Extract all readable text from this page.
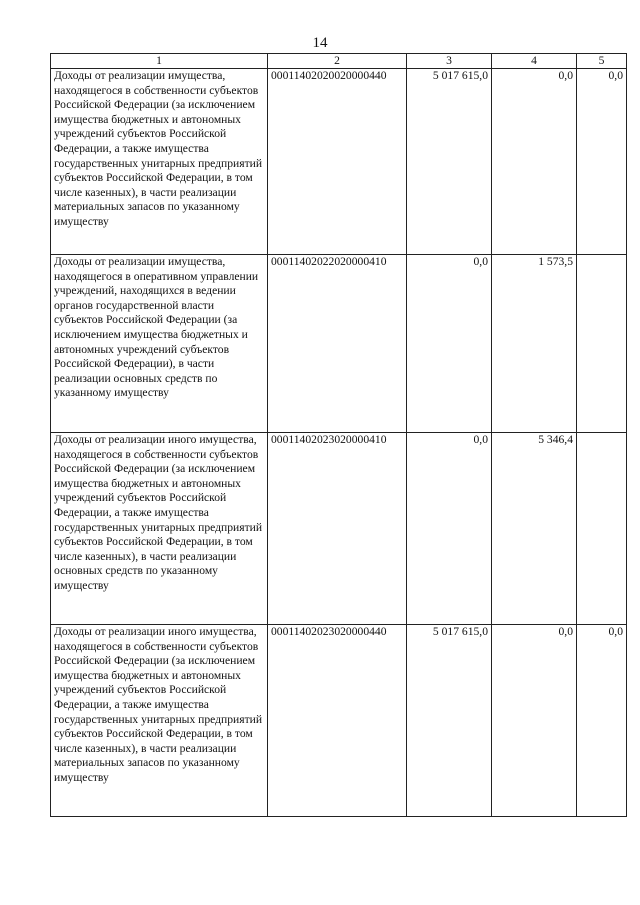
14
1	2	3	4	5
Доходы от реализации имущества, находящегося в собственности субъектов Российской Федерации (за исключением имущества бюджетных и автономных учреждений субъектов Российской Федерации, а также имущества государственных унитарных предприятий субъектов Российской Федерации, в том числе казенных), в части реализации материальных запасов по указанному имуществу	00011402020020000440	5 017 615,0	0,0	0,0
Доходы от реализации имущества, находящегося в оперативном управлении учреждений, находящихся в ведении органов государственной власти субъектов Российской Федерации (за исключением имущества бюджетных и автономных учреждений субъектов Российской Федерации), в части реализации основных средств по указанному имуществу	00011402022020000410	0,0	1 573,5	
Доходы от реализации иного имущества, находящегося в собственности субъектов Российской Федерации (за исключением имущества бюджетных и автономных учреждений субъектов Российской Федерации, а также имущества государственных унитарных предприятий субъектов Российской Федерации, в том числе казенных), в части реализации основных средств по указанному имуществу	00011402023020000410	0,0	5 346,4	
Доходы от реализации иного имущества, находящегося в собственности субъектов Российской Федерации (за исключением имущества бюджетных и автономных учреждений субъектов Российской Федерации, а также имущества государственных унитарных предприятий субъектов Российской Федерации, в том числе казенных), в части реализации материальных запасов по указанному имуществу	00011402023020000440	5 017 615,0	0,0	0,0
